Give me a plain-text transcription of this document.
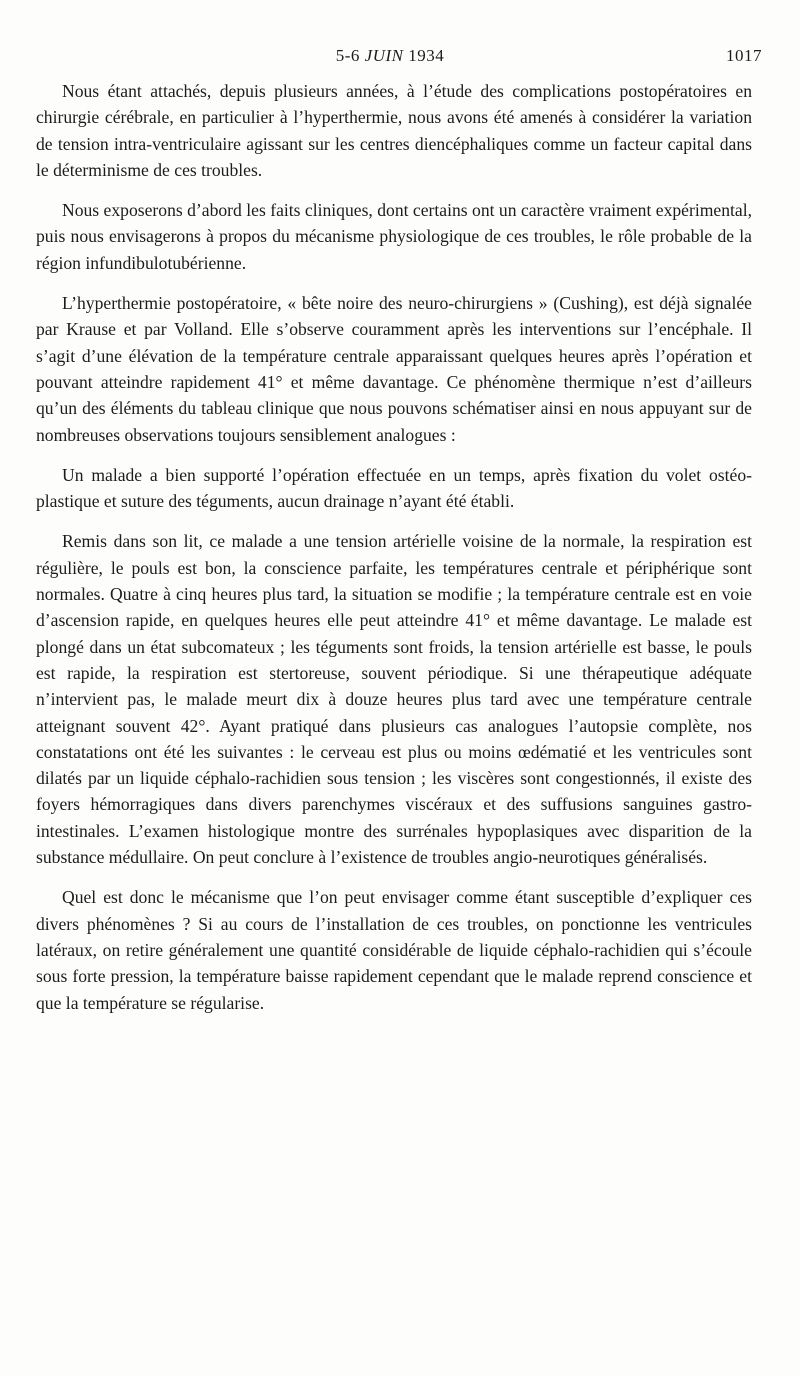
5-6 JUIN 1934	1017

Nous étant attachés, depuis plusieurs années, à l’étude des complications postopératoires en chirurgie cérébrale, en particulier à l’hyperthermie, nous avons été amenés à considérer la variation de tension intra-ventriculaire agissant sur les centres diencéphaliques comme un facteur capital dans le déterminisme de ces troubles.

Nous exposerons d’abord les faits cliniques, dont certains ont un caractère vraiment expérimental, puis nous envisagerons à propos du mécanisme physiologique de ces troubles, le rôle probable de la région infundibulotubérienne.

L’hyperthermie postopératoire, « bête noire des neuro-chirurgiens » (Cushing), est déjà signalée par Krause et par Volland. Elle s’observe couramment après les interventions sur l’encéphale. Il s’agit d’une élévation de la température centrale apparaissant quelques heures après l’opération et pouvant atteindre rapidement 41° et même davantage. Ce phénomène thermique n’est d’ailleurs qu’un des éléments du tableau clinique que nous pouvons schématiser ainsi en nous appuyant sur de nombreuses observations toujours sensiblement analogues :

Un malade a bien supporté l’opération effectuée en un temps, après fixation du volet ostéo-plastique et suture des téguments, aucun drainage n’ayant été établi.

Remis dans son lit, ce malade a une tension artérielle voisine de la normale, la respiration est régulière, le pouls est bon, la conscience parfaite, les températures centrale et périphérique sont normales. Quatre à cinq heures plus tard, la situation se modifie ; la température centrale est en voie d’ascension rapide, en quelques heures elle peut atteindre 41° et même davantage. Le malade est plongé dans un état subcomateux ; les téguments sont froids, la tension artérielle est basse, le pouls est rapide, la respiration est stertoreuse, souvent périodique. Si une thérapeutique adéquate n’intervient pas, le malade meurt dix à douze heures plus tard avec une température centrale atteignant souvent 42°. Ayant pratiqué dans plusieurs cas analogues l’autopsie complète, nos constatations ont été les suivantes : le cerveau est plus ou moins œdématié et les ventricules sont dilatés par un liquide céphalo-rachidien sous tension ; les viscères sont congestionnés, il existe des foyers hémorragiques dans divers parenchymes viscéraux et des suffusions sanguines gastro-intestinales. L’examen histologique montre des surrénales hypoplasiques avec disparition de la substance médullaire. On peut conclure à l’existence de troubles angio-neurotiques généralisés.

Quel est donc le mécanisme que l’on peut envisager comme étant susceptible d’expliquer ces divers phénomènes ? Si au cours de l’installation de ces troubles, on ponctionne les ventricules latéraux, on retire généralement une quantité considérable de liquide céphalo-rachidien qui s’écoule sous forte pression, la température baisse rapidement cependant que le malade reprend conscience et que la température se régularise.
